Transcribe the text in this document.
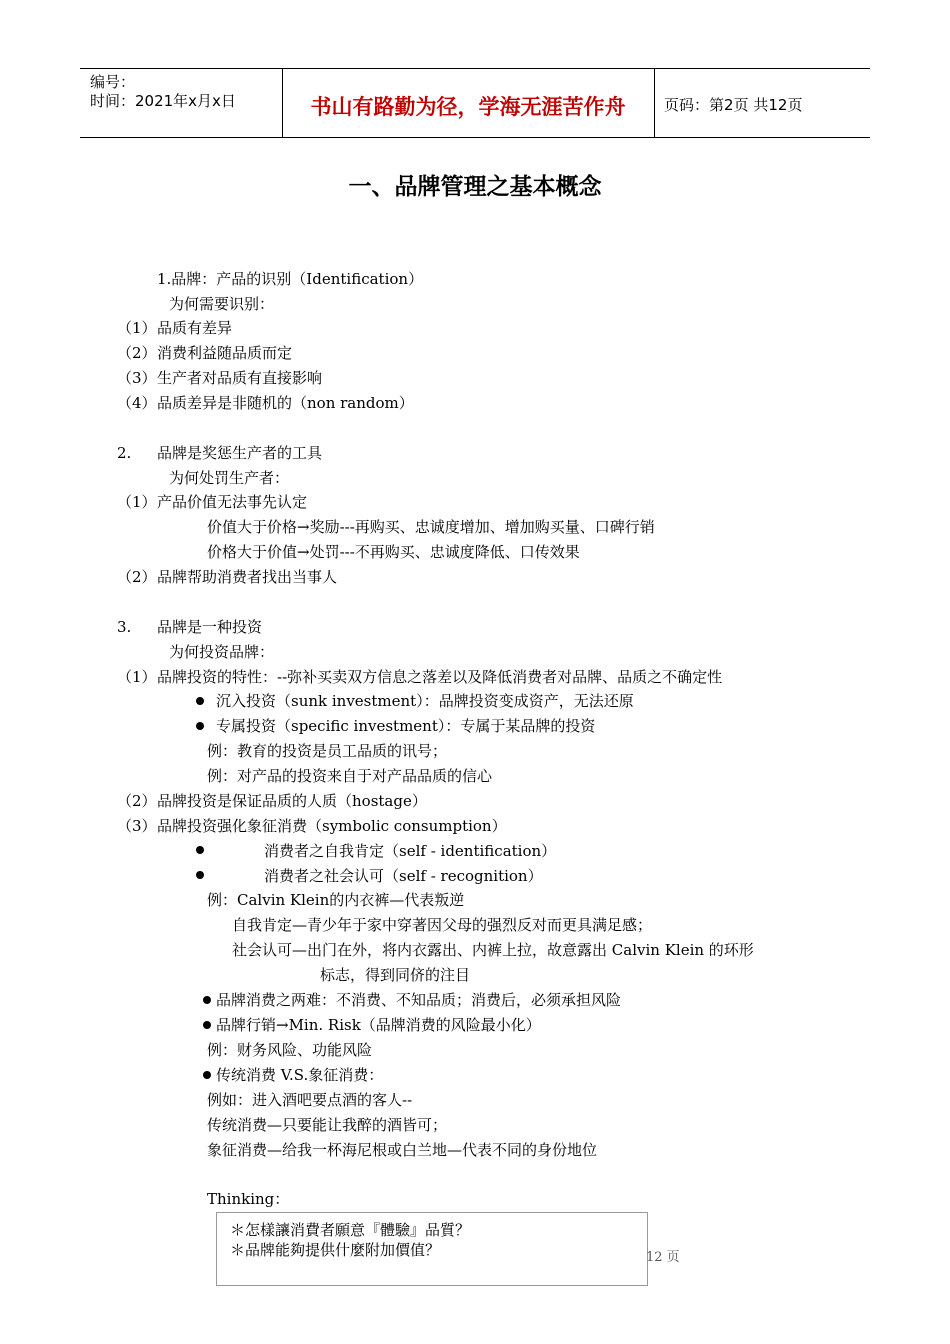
编号：
时间：2021年x月x日	书山有路勤为径，学海无涯苦作舟	页码：第2页 共12页
一、品牌管理之基本概念
1.品牌：产品的识别（Identification）
为何需要识别：
（1） 品质有差异
（2） 消费利益随品质而定
（3） 生产者对品质有直接影响
（4） 品质差异是非随机的（non random）
2. 品牌是奖惩生产者的工具
为何处罚生产者：
（1） 产品价值无法事先认定
价值大于价格→奖励---再购买、忠诚度增加、增加购买量、口碑行销
价格大于价值→处罚---不再购买、忠诚度降低、口传效果
（2） 品牌帮助消费者找出当事人
3. 品牌是一种投资
为何投资品牌：
（1） 品牌投资的特性：--弥补买卖双方信息之落差以及降低消费者对品牌、品质之不确定性
沉入投资（sunk investment）：品牌投资变成资产，无法还原
专属投资（specific investment）：专属于某品牌的投资
例：教育的投资是员工品质的讯号；
例：对产品的投资来自于对产品品质的信心
（2） 品牌投资是保证品质的人质（hostage）
（3） 品牌投资强化象征消费（symbolic consumption）
消费者之自我肯定（self - identification）
消费者之社会认可（self - recognition）
例：Calvin Klein的内衣裤—代表叛逆
自我肯定—青少年于家中穿著因父母的强烈反对而更具满足感；
社会认可—出门在外，将内衣露出、内裤上拉，故意露出 Calvin Klein 的环形
标志，得到同侪的注目
品牌消费之两难：不消费、不知品质；消费后，必须承担风险
品牌行销→Min. Risk（品牌消费的风险最小化）
例：财务风险、功能风险
传统消费 V.S.象征消费：
例如：进入酒吧要点酒的客人--
传统消费—只要能让我醉的酒皆可；
象征消费—给我一杯海尼根或白兰地—代表不同的身份地位
Thinking：
＊怎樣讓消費者願意『體驗』品質？
＊品牌能夠提供什麼附加價值？	12 页
